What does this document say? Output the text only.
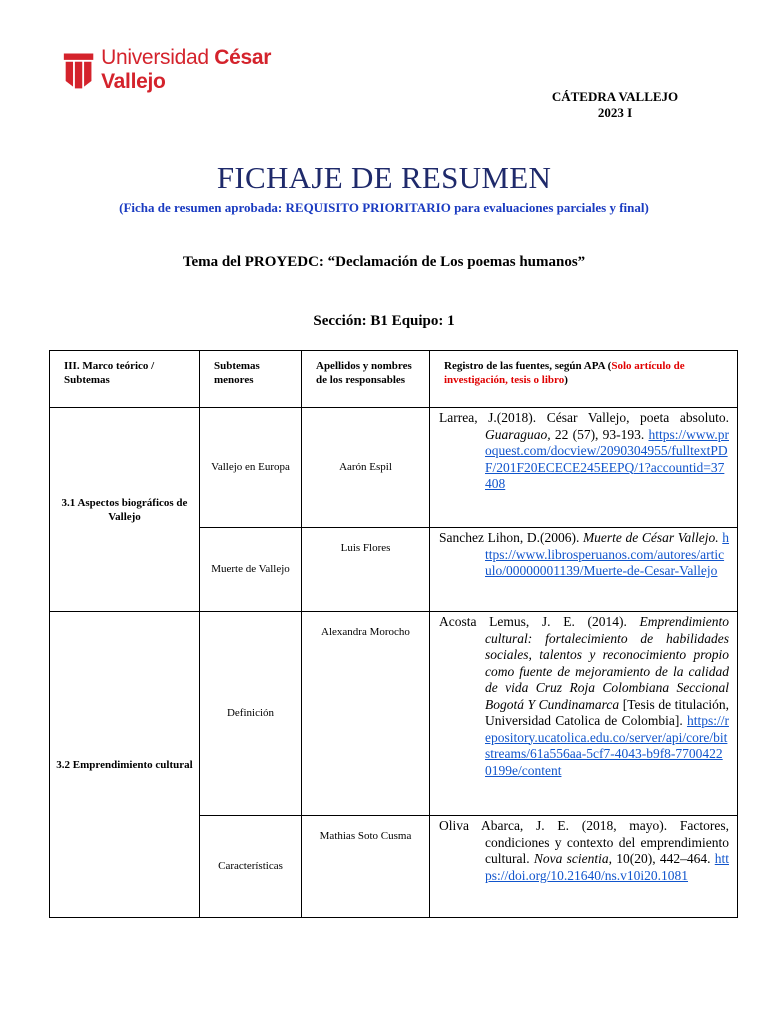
Universidad César Vallejo
CÁTEDRA VALLEJO
2023 I
FICHAJE DE RESUMEN
(Ficha de resumen aprobada: REQUISITO PRIORITARIO para evaluaciones parciales y final)
Tema del PROYEDC: “Declamación de Los poemas humanos”
Sección: B1 Equipo: 1
III. Marco teórico / Subtemas	Subtemas menores	Apellidos y nombres de los responsables	Registro de las fuentes, según APA (Solo artículo de investigación, tesis o libro)
3.1 Aspectos biográficos de Vallejo	Vallejo en Europa	Aarón Espil	Larrea, J.(2018). César Vallejo, poeta absoluto. Guaraguao, 22 (57), 93-193. https://www.proquest.com/docview/2090304955/fulltextPDF/201F20ECECE245EEPQ/1?accountid=37408

	Muerte de Vallejo	Luis Flores	Sanchez Lihon, D.(2006). Muerte de César Vallejo. https://www.librosperuanos.com/autores/articulo/00000001139/Muerte-de-Cesar-Vallejo

3.2 Emprendimiento cultural	Definición	Alexandra Morocho	Acosta Lemus, J. E. (2014). Emprendimiento cultural: fortalecimiento de habilidades sociales, talentos y reconocimiento propio como fuente de mejoramiento de la calidad de vida Cruz Roja Colombiana Seccional Bogotá Y Cundinamarca [Tesis de titulación, Universidad Catolica de Colombia]. https://repository.ucatolica.edu.co/server/api/core/bitstreams/61a556aa-5cf7-4043-b9f8-77004220199e/content

	Características	Mathias Soto Cusma	Oliva Abarca, J. E. (2018, mayo). Factores, condiciones y contexto del emprendimiento cultural. Nova scientia, 10(20), 442–464. https://doi.org/10.21640/ns.v10i20.1081
